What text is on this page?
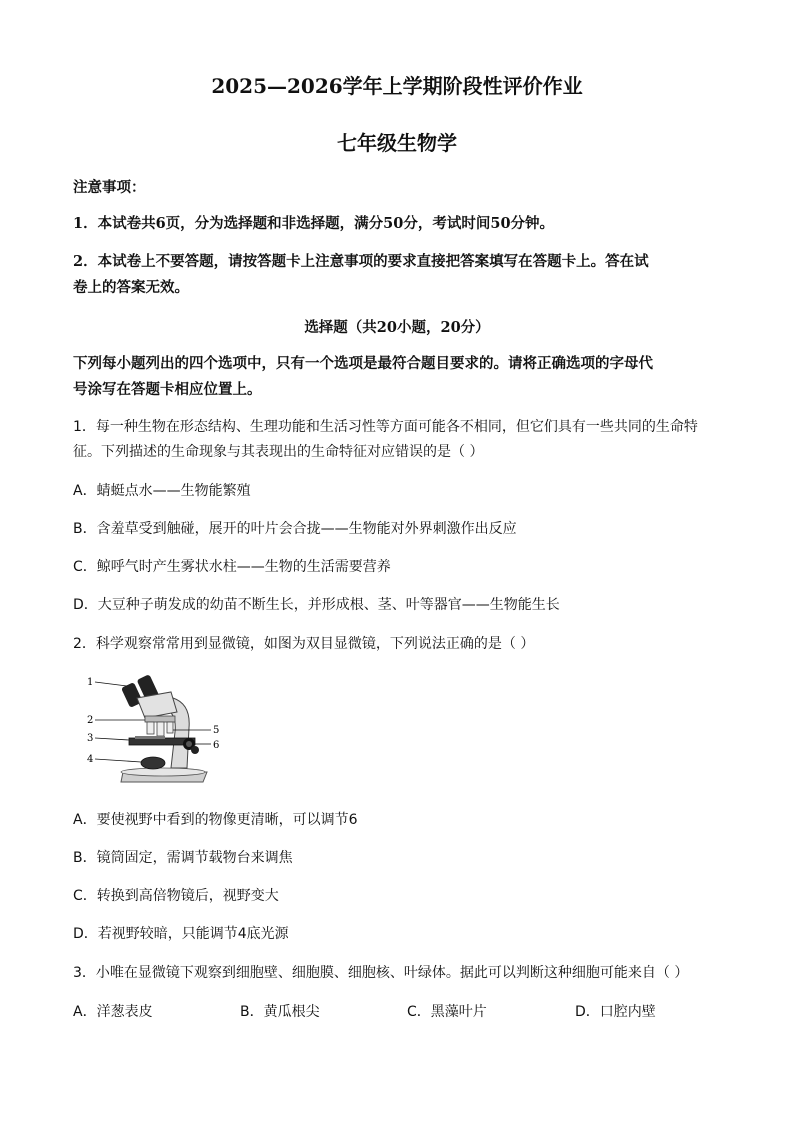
2025—2026学年上学期阶段性评价作业
七年级生物学
注意事项：
1．本试卷共6页，分为选择题和非选择题，满分50分，考试时间50分钟。
2．本试卷上不要答题，请按答题卡上注意事项的要求直接把答案填写在答题卡上。答在试
卷上的答案无效。
选择题（共20小题，20分）
下列每小题列出的四个选项中，只有一个选项是最符合题目要求的。请将正确选项的字母代
号涂写在答题卡相应位置上。
1．每一种生物在形态结构、生理功能和生活习性等方面可能各不相同，但它们具有一些共同的生命特
征。下列描述的生命现象与其表现出的生命特征对应错误的是（ ）
A．蜻蜓点水——生物能繁殖
B．含羞草受到触碰，展开的叶片会合拢——生物能对外界刺激作出反应
C．鲸呼气时产生雾状水柱——生物的生活需要营养
D．大豆种子萌发成的幼苗不断生长，并形成根、茎、叶等器官——生物能生长
2．科学观察常常用到显微镜，如图为双目显微镜，下列说法正确的是（ ）
1
2
3
4
5
6
A．要使视野中看到的物像更清晰，可以调节6
B．镜筒固定，需调节载物台来调焦
C．转换到高倍物镜后，视野变大
D．若视野较暗，只能调节4底光源
3．小唯在显微镜下观察到细胞壁、细胞膜、细胞核、叶绿体。据此可以判断这种细胞可能来自（ ）
A．洋葱表皮	B．黄瓜根尖	C．黑藻叶片	D．口腔内壁
